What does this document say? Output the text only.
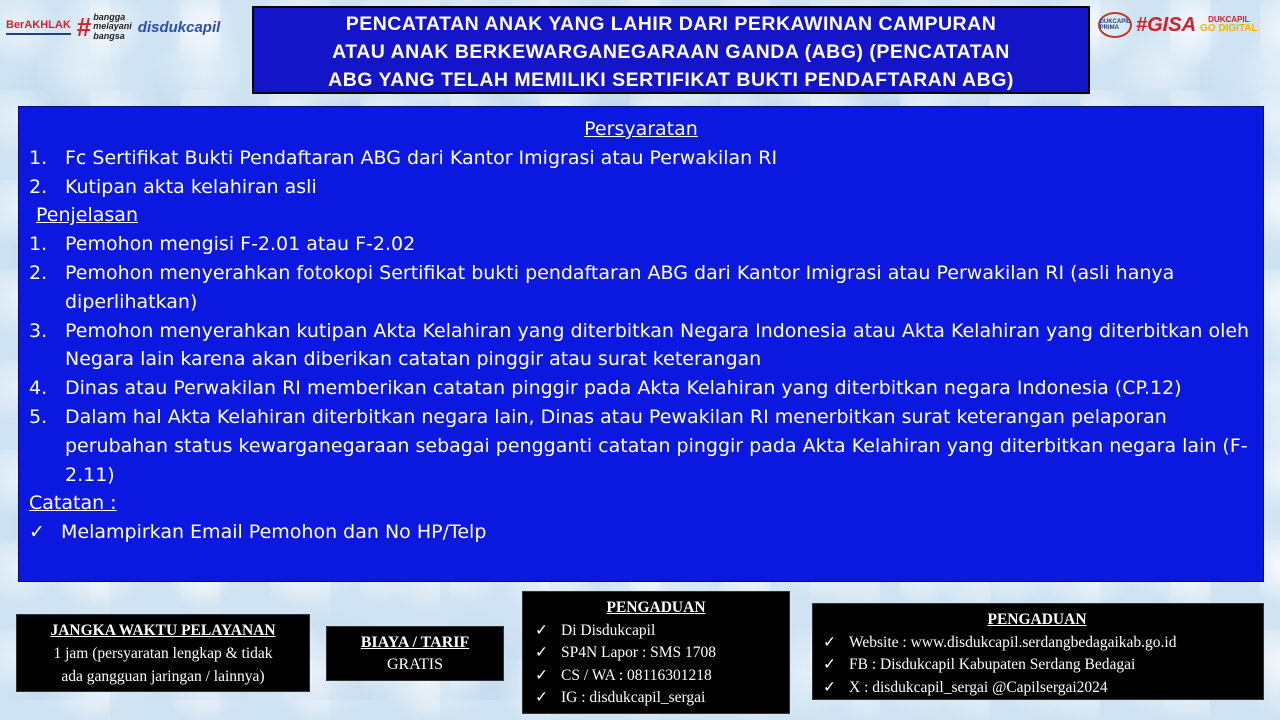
BerAKHLAK # bangga
melayani
bangsa
disdukcapil	DUKCAPIL PRIMA #GISA	DUKCAPIL
GO DIGITAL
PENCATATAN ANAK YANG LAHIR DARI PERKAWINAN CAMPURAN
ATAU ANAK BERKEWARGANEGARAAN GANDA (ABG) (PENCATATAN
ABG YANG TELAH MEMILIKI SERTIFIKAT BUKTI PENDAFTARAN ABG)
Persyaratan
1. Fc Sertifikat Bukti Pendaftaran ABG dari Kantor Imigrasi atau Perwakilan RI
2. Kutipan akta kelahiran asli
Penjelasan
1. Pemohon mengisi F-2.01 atau F-2.02
2. Pemohon menyerahkan fotokopi Sertifikat bukti pendaftaran ABG dari Kantor Imigrasi atau Perwakilan RI (asli hanya diperlihatkan)
3. Pemohon menyerahkan kutipan Akta Kelahiran yang diterbitkan Negara Indonesia atau Akta Kelahiran yang diterbitkan oleh Negara lain karena akan diberikan catatan pinggir atau surat keterangan
4. Dinas atau Perwakilan RI memberikan catatan pinggir pada Akta Kelahiran yang diterbitkan negara Indonesia (CP.12)
5. Dalam hal Akta Kelahiran diterbitkan negara lain, Dinas atau Pewakilan RI menerbitkan surat keterangan pelaporan perubahan status kewarganegaraan sebagai pengganti catatan pinggir pada Akta Kelahiran yang diterbitkan negara lain (F-2.11)
Catatan :
✓ Melampirkan Email Pemohon dan No HP/Telp
JANGKA WAKTU PELAYANAN
1 jam (persyaratan lengkap & tidak
ada gangguan jaringan / lainnya)
BIAYA / TARIF
GRATIS
PENGADUAN
✓ Di Disdukcapil
✓ SP4N Lapor : SMS 1708
✓ CS / WA : 08116301218
✓ IG : disdukcapil_sergai
PENGADUAN
✓ Website : www.disdukcapil.serdangbedagaikab.go.id
✓ FB : Disdukcapil Kabupaten Serdang Bedagai
✓ X : disdukcapil_sergai @Capilsergai2024
